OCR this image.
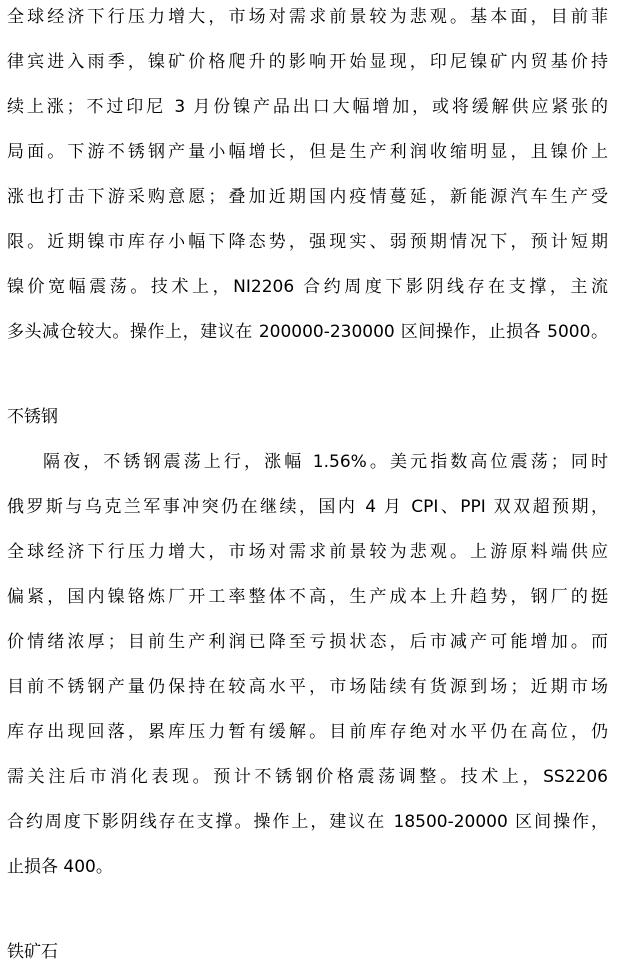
全球经济下行压力增大，市场对需求前景较为悲观。基本面，目前菲
律宾进入雨季，镍矿价格爬升的影响开始显现，印尼镍矿内贸基价持
续上涨；不过印尼 3 月份镍产品出口大幅增加，或将缓解供应紧张的
局面。下游不锈钢产量小幅增长，但是生产利润收缩明显，且镍价上
涨也打击下游采购意愿；叠加近期国内疫情蔓延，新能源汽车生产受
限。近期镍市库存小幅下降态势，强现实、弱预期情况下，预计短期
镍价宽幅震荡。技术上，NI2206 合约周度下影阴线存在支撑，主流
多头减仓较大。操作上，建议在 200000-230000 区间操作，止损各 5000。
不锈钢
隔夜，不锈钢震荡上行，涨幅 1.56%。美元指数高位震荡；同时
俄罗斯与乌克兰军事冲突仍在继续，国内 4 月 CPI、PPI 双双超预期，
全球经济下行压力增大，市场对需求前景较为悲观。上游原料端供应
偏紧，国内镍铬炼厂开工率整体不高，生产成本上升趋势，钢厂的挺
价情绪浓厚；目前生产利润已降至亏损状态，后市减产可能增加。而
目前不锈钢产量仍保持在较高水平，市场陆续有货源到场；近期市场
库存出现回落，累库压力暂有缓解。目前库存绝对水平仍在高位，仍
需关注后市消化表现。预计不锈钢价格震荡调整。技术上，SS2206
合约周度下影阴线存在支撑。操作上，建议在 18500-20000 区间操作，
止损各 400。
铁矿石
